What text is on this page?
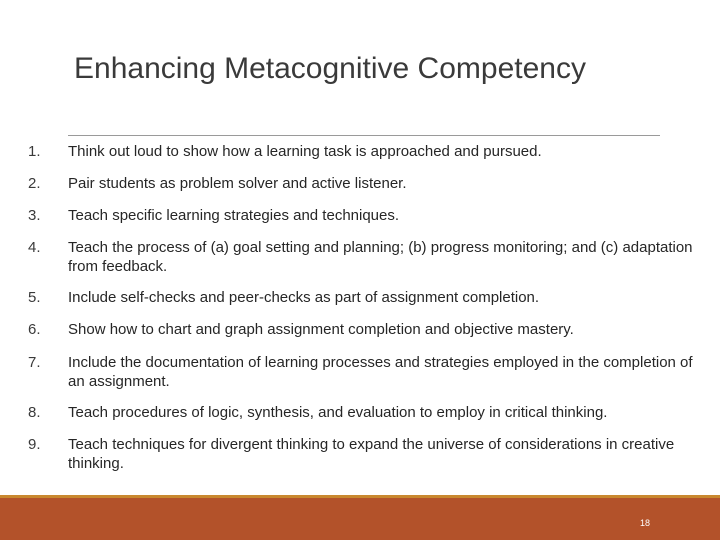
Enhancing Metacognitive Competency
1. Think out loud to show how a learning task is approached and pursued.
2. Pair students as problem solver and active listener.
3. Teach specific learning strategies and techniques.
4. Teach the process of (a) goal setting and planning; (b) progress monitoring; and (c) adaptation from feedback.
5. Include self-checks and peer-checks as part of assignment completion.
6. Show how to chart and graph assignment completion and objective mastery.
7. Include the documentation of learning processes and strategies employed in the completion of an assignment.
8. Teach procedures of logic, synthesis, and evaluation to employ in critical thinking.
9. Teach techniques for divergent thinking to expand the universe of considerations in creative thinking.
18
